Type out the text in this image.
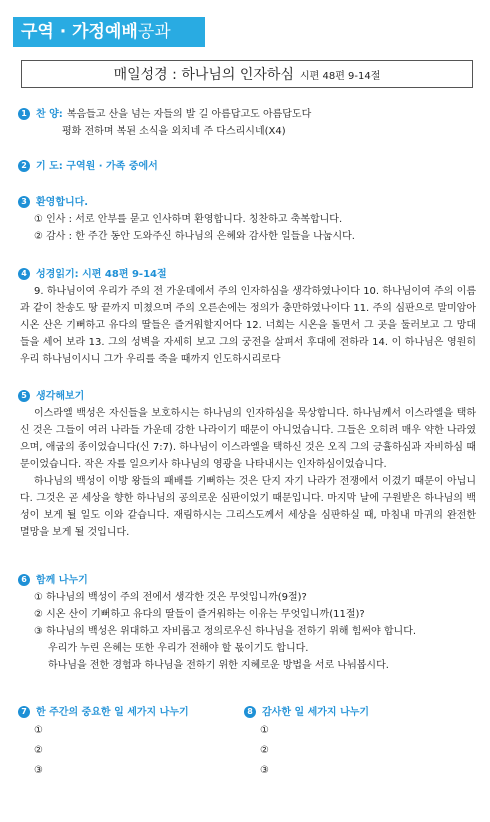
구역 · 가정예배공과
매일성경 : 하나님의 인자하심 시편 48편 9-14절
1 찬 양: 복음들고 산을 넘는 자들의 발 길 아름답고도 아름답도다
평화 전하며 복된 소식을 외치네 주 다스리시네(X4)
2 기 도: 구역원 · 가족 중에서
3 환영합니다.
① 인사 : 서로 안부를 묻고 인사하며 환영합니다. 칭찬하고 축복합니다.
② 감사 : 한 주간 동안 도와주신 하나님의 은혜와 감사한 일들을 나눕시다.
4 성경읽기: 시편 48편 9-14절
9. 하나님이여 우리가 주의 전 가운데에서 주의 인자하심을 생각하였나이다 10. 하나님이여 주의 이름과 같이 찬송도 땅 끝까지 미쳤으며 주의 오른손에는 정의가 충만하였나이다 11. 주의 심판으로 말미암아 시온 산은 기뻐하고 유다의 딸들은 즐거워할지어다 12. 너희는 시온을 돌면서 그 곳을 둘러보고 그 망대들을 세어 보라 13. 그의 성벽을 자세히 보고 그의 궁전을 살펴서 후대에 전하라 14. 이 하나님은 영원히 우리 하나님이시니 그가 우리를 죽을 때까지 인도하시리로다
5 생각해보기
이스라엘 백성은 자신들을 보호하시는 하나님의 인자하심을 묵상합니다. 하나님께서 이스라엘을 택하신 것은 그들이 여러 나라들 가운데 강한 나라이기 때문이 아니었습니다. 그들은 오히려 매우 약한 나라였으며, 애굽의 종이었습니다(신 7:7). 하나님이 이스라엘을 택하신 것은 오직 그의 긍휼하심과 자비하심 때문이었습니다. 작은 자를 일으키사 하나님의 영광을 나타내시는 인자하심이었습니다.
하나님의 백성이 이방 왕들의 패배를 기뻐하는 것은 단지 자기 나라가 전쟁에서 이겼기 때문이 아닙니다. 그것은 곧 세상을 향한 하나님의 공의로운 심판이었기 때문입니다. 마지막 날에 구원받은 하나님의 백성이 보게 될 일도 이와 같습니다. 재림하시는 그리스도께서 세상을 심판하실 때, 마침내 마귀의 완전한 멸망을 보게 될 것입니다.
6 함께 나누기
① 하나님의 백성이 주의 전에서 생각한 것은 무엇입니까(9절)?
② 시온 산이 기뻐하고 유다의 딸들이 즐거워하는 이유는 무엇입니까(11절)?
③ 하나님의 백성은 위대하고 자비롭고 정의로우신 하나님을 전하기 위해 힘써야 합니다.
우리가 누린 은혜는 또한 우리가 전해야 할 몫이기도 합니다.
하나님을 전한 경험과 하나님을 전하기 위한 지혜로운 방법을 서로 나눠봅시다.
7 한 주간의 중요한 일 세가지 나누기
①
②
③
8 감사한 일 세가지 나누기
①
②
③
